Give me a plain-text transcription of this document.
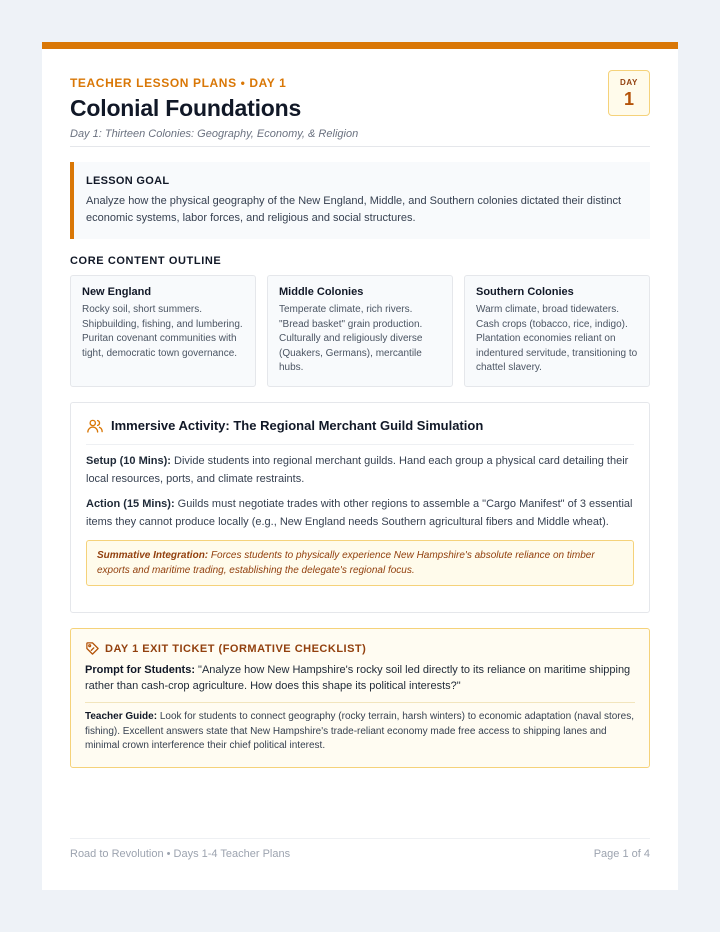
TEACHER LESSON PLANS • DAY 1
Colonial Foundations
Day 1: Thirteen Colonies: Geography, Economy, & Religion
DAY
1
LESSON GOAL
Analyze how the physical geography of the New England, Middle, and Southern colonies dictated their distinct economic systems, labor forces, and religious and social structures.
CORE CONTENT OUTLINE
New England
Rocky soil, short summers. Shipbuilding, fishing, and lumbering. Puritan covenant communities with tight, democratic town governance.
Middle Colonies
Temperate climate, rich rivers. "Bread basket" grain production. Culturally and religiously diverse (Quakers, Germans), mercantile hubs.
Southern Colonies
Warm climate, broad tidewaters. Cash crops (tobacco, rice, indigo). Plantation economies reliant on indentured servitude, transitioning to chattel slavery.
Immersive Activity: The Regional Merchant Guild Simulation

Setup (10 Mins): Divide students into regional merchant guilds. Hand each group a physical card detailing their local resources, ports, and climate restraints.

Action (15 Mins): Guilds must negotiate trades with other regions to assemble a "Cargo Manifest" of 3 essential items they cannot produce locally (e.g., New England needs Southern agricultural fibers and Middle wheat).

Summative Integration: Forces students to physically experience New Hampshire's absolute reliance on timber exports and maritime trading, establishing the delegate's regional focus.
DAY 1 EXIT TICKET (FORMATIVE CHECKLIST)

Prompt for Students: "Analyze how New Hampshire's rocky soil led directly to its reliance on maritime shipping rather than cash-crop agriculture. How does this shape its political interests?"

Teacher Guide: Look for students to connect geography (rocky terrain, harsh winters) to economic adaptation (naval stores, fishing). Excellent answers state that New Hampshire's trade-reliant economy made free access to shipping lanes and minimal crown interference their chief political interest.

Road to Revolution • Days 1-4 Teacher Plans	Page 1 of 4
